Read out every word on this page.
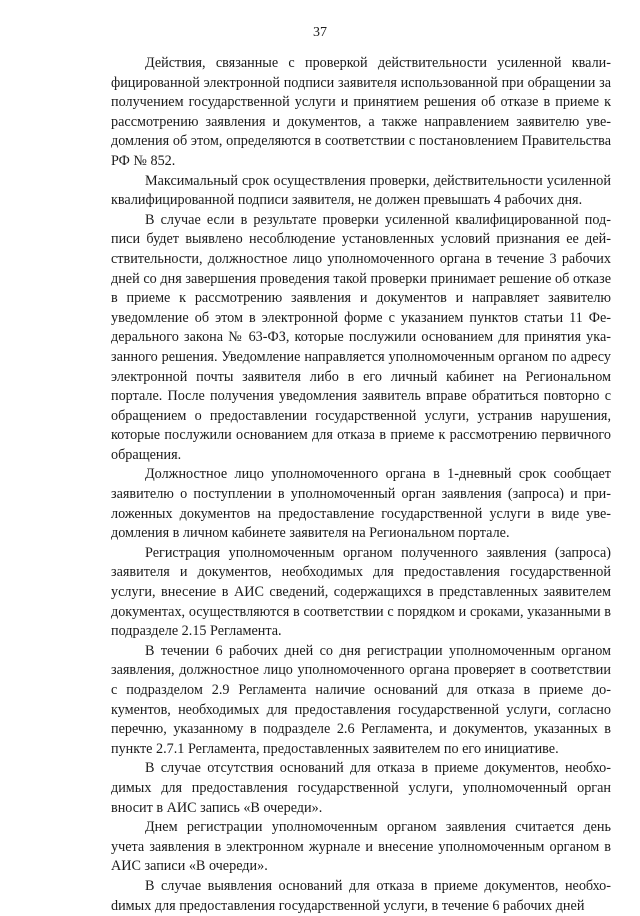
37

Действия, связанные с проверкой действительности усиленной квалифицированной электронной подписи заявителя использованной при обращении за получением государственной услуги и принятием решения об отказе в приеме к рассмотрению заявления и документов, а также направлением заявителю уведомления об этом, определяются в соответствии с постановлением Правительства РФ № 852.

Максимальный срок осуществления проверки, действительности усиленной квалифицированной подписи заявителя, не должен превышать 4 рабочих дня.

В случае если в результате проверки усиленной квалифицированной подписи будет выявлено несоблюдение установленных условий признания ее действительности, должностное лицо уполномоченного органа в течение 3 рабочих дней со дня завершения проведения такой проверки принимает решение об отказе в приеме к рассмотрению заявления и документов и направляет заявителю уведомление об этом в электронной форме с указанием пунктов статьи 11 Федерального закона № 63-ФЗ, которые послужили основанием для принятия указанного решения. Уведомление направляется уполномоченным органом по адресу электронной почты заявителя либо в его личный кабинет на Региональном портале. После получения уведомления заявитель вправе обратиться повторно с обращением о предоставлении государственной услуги, устранив нарушения, которые послужили основанием для отказа в приеме к рассмотрению первичного обращения.

Должностное лицо уполномоченного органа в 1-дневный срок сообщает заявителю о поступлении в уполномоченный орган заявления (запроса) и приложенных документов на предоставление государственной услуги в виде уведомления в личном кабинете заявителя на Региональном портале.

Регистрация уполномоченным органом полученного заявления (запроса) заявителя и документов, необходимых для предоставления государственной услуги, внесение в АИС сведений, содержащихся в представленных заявителем документах, осуществляются в соответствии с порядком и сроками, указанными в подразделе 2.15 Регламента.

В течении 6 рабочих дней со дня регистрации уполномоченным органом заявления, должностное лицо уполномоченного органа проверяет в соответствии с подразделом 2.9 Регламента наличие оснований для отказа в приеме документов, необходимых для предоставления государственной услуги, согласно перечню, указанному в подразделе 2.6 Регламента, и документов, указанных в пункте 2.7.1 Регламента, предоставленных заявителем по его инициативе.

В случае отсутствия оснований для отказа в приеме документов, необходимых для предоставления государственной услуги, уполномоченный орган вносит в АИС запись «В очереди».

Днем регистрации уполномоченным органом заявления считается день учета заявления в электронном журнале и внесение уполномоченным органом в АИС записи «В очереди».

В случае выявления оснований для отказа в приеме документов, необхоdимых для предоставления государственной услуги, в течение 6 рабочих дней
